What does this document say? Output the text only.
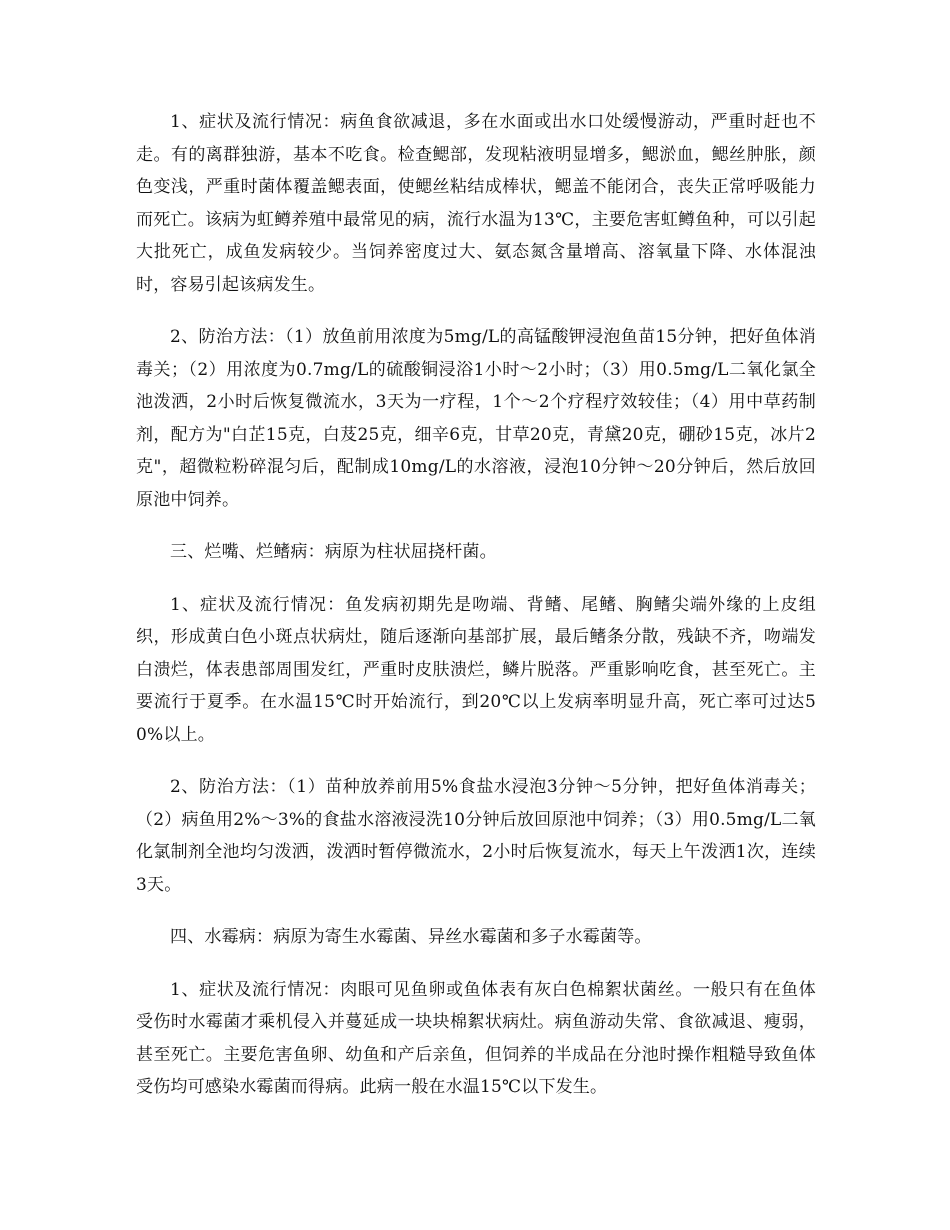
1、症状及流行情况：病鱼食欲减退，多在水面或出水口处缓慢游动，严重时赶也不走。有的离群独游，基本不吃食。检查鳃部，发现粘液明显增多，鳃淤血，鳃丝肿胀，颜色变浅，严重时菌体覆盖鳃表面，使鳃丝粘结成棒状，鳃盖不能闭合，丧失正常呼吸能力而死亡。该病为虹鳟养殖中最常见的病，流行水温为13℃，主要危害虹鳟鱼种，可以引起大批死亡，成鱼发病较少。当饲养密度过大、氨态氮含量增高、溶氧量下降、水体混浊时，容易引起该病发生。

2、防治方法：（1）放鱼前用浓度为5mg/L的高锰酸钾浸泡鱼苗15分钟，把好鱼体消毒关；（2）用浓度为0.7mg/L的硫酸铜浸浴1小时～2小时；（3）用0.5mg/L二氧化氯全池泼洒，2小时后恢复微流水，3天为一疗程，1个～2个疗程疗效较佳；（4）用中草药制剂，配方为"白芷15克，白芨25克，细辛6克，甘草20克，青黛20克，硼砂15克，冰片2克"，超微粒粉碎混匀后，配制成10mg/L的水溶液，浸泡10分钟～20分钟后，然后放回原池中饲养。

三、烂嘴、烂鳍病：病原为柱状屈挠杆菌。

1、症状及流行情况：鱼发病初期先是吻端、背鳍、尾鳍、胸鳍尖端外缘的上皮组织，形成黄白色小斑点状病灶，随后逐渐向基部扩展，最后鳍条分散，残缺不齐，吻端发白溃烂，体表患部周围发红，严重时皮肤溃烂，鳞片脱落。严重影响吃食，甚至死亡。主要流行于夏季。在水温15℃时开始流行，到20℃以上发病率明显升高，死亡率可过达50%以上。

2、防治方法：（1）苗种放养前用5%食盐水浸泡3分钟～5分钟，把好鱼体消毒关；（2）病鱼用2%～3%的食盐水溶液浸洗10分钟后放回原池中饲养；（3）用0.5mg/L二氧化氯制剂全池均匀泼洒，泼洒时暂停微流水，2小时后恢复流水，每天上午泼洒1次，连续3天。

四、水霉病：病原为寄生水霉菌、异丝水霉菌和多子水霉菌等。

1、症状及流行情况：肉眼可见鱼卵或鱼体表有灰白色棉絮状菌丝。一般只有在鱼体受伤时水霉菌才乘机侵入并蔓延成一块块棉絮状病灶。病鱼游动失常、食欲减退、瘦弱，甚至死亡。主要危害鱼卵、幼鱼和产后亲鱼，但饲养的半成品在分池时操作粗糙导致鱼体受伤均可感染水霉菌而得病。此病一般在水温15℃以下发生。
